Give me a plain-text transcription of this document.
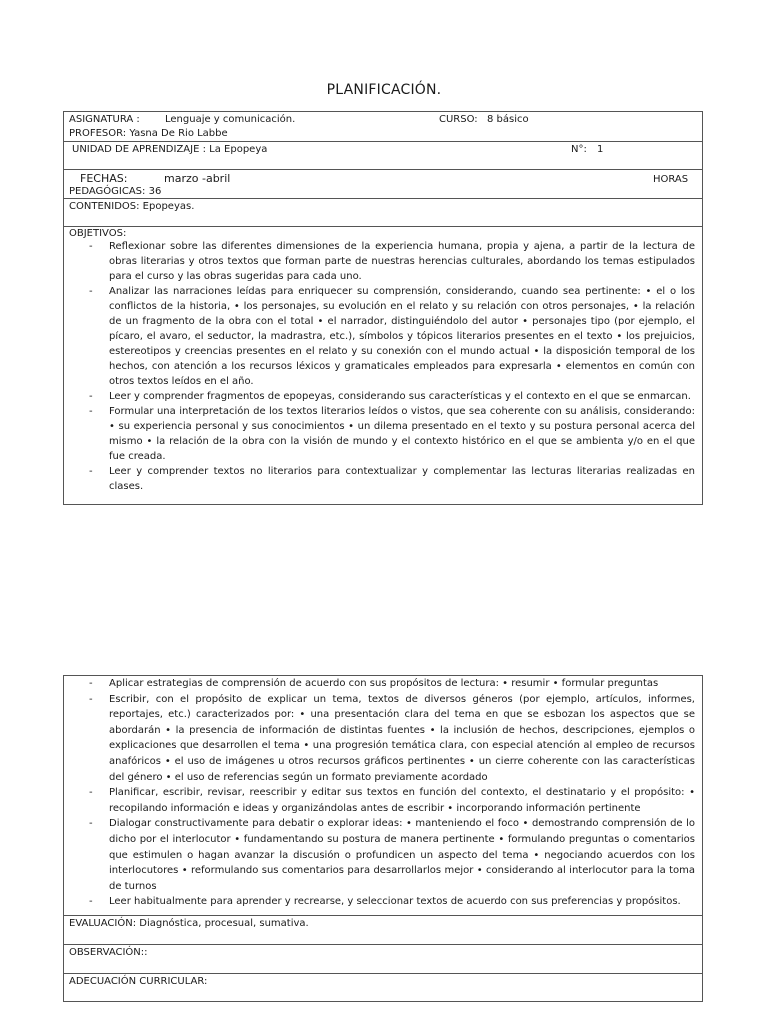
PLANIFICACIÓN.
ASIGNATURA :	Lenguaje y comunicación.	CURSO: 8 básico
PROFESOR: Yasna De Rio Labbe
UNIDAD DE APRENDIZAJE : La Epopeya	N°: 1
FECHAS:	marzo -abril	HORAS
PEDAGÓGICAS: 36
CONTENIDOS: Epopeyas.
OBJETIVOS:
- Reflexionar sobre las diferentes dimensiones de la experiencia humana, propia y ajena, a partir de la lectura de obras literarias y otros textos que forman parte de nuestras herencias culturales, abordando los temas estipulados para el curso y las obras sugeridas para cada uno.
- Analizar las narraciones leídas para enriquecer su comprensión, considerando, cuando sea pertinente: • el o los conflictos de la historia, • los personajes, su evolución en el relato y su relación con otros personajes, • la relación de un fragmento de la obra con el total • el narrador, distinguiéndolo del autor • personajes tipo (por ejemplo, el pícaro, el avaro, el seductor, la madrastra, etc.), símbolos y tópicos literarios presentes en el texto • los prejuicios, estereotipos y creencias presentes en el relato y su conexión con el mundo actual • la disposición temporal de los hechos, con atención a los recursos léxicos y gramaticales empleados para expresarla • elementos en común con otros textos leídos en el año.
- Leer y comprender fragmentos de epopeyas, considerando sus características y el contexto en el que se enmarcan.
- Formular una interpretación de los textos literarios leídos o vistos, que sea coherente con su análisis, considerando: • su experiencia personal y sus conocimientos • un dilema presentado en el texto y su postura personal acerca del mismo • la relación de la obra con la visión de mundo y el contexto histórico en el que se ambienta y/o en el que fue creada.
- Leer y comprender textos no literarios para contextualizar y complementar las lecturas literarias realizadas en clases.
- Aplicar estrategias de comprensión de acuerdo con sus propósitos de lectura: • resumir • formular preguntas
- Escribir, con el propósito de explicar un tema, textos de diversos géneros (por ejemplo, artículos, informes, reportajes, etc.) caracterizados por: • una presentación clara del tema en que se esbozan los aspectos que se abordarán • la presencia de información de distintas fuentes • la inclusión de hechos, descripciones, ejemplos o explicaciones que desarrollen el tema • una progresión temática clara, con especial atención al empleo de recursos anafóricos • el uso de imágenes u otros recursos gráficos pertinentes • un cierre coherente con las características del género • el uso de referencias según un formato previamente acordado
- Planificar, escribir, revisar, reescribir y editar sus textos en función del contexto, el destinatario y el propósito: • recopilando información e ideas y organizándolas antes de escribir • incorporando información pertinente
- Dialogar constructivamente para debatir o explorar ideas: • manteniendo el foco • demostrando comprensión de lo dicho por el interlocutor • fundamentando su postura de manera pertinente • formulando preguntas o comentarios que estimulen o hagan avanzar la discusión o profundicen un aspecto del tema • negociando acuerdos con los interlocutores • reformulando sus comentarios para desarrollarlos mejor • considerando al interlocutor para la toma de turnos
- Leer habitualmente para aprender y recrearse, y seleccionar textos de acuerdo con sus preferencias y propósitos.
EVALUACIÓN: Diagnóstica, procesual, sumativa.
OBSERVACIÓN::
ADECUACIÓN CURRICULAR:
